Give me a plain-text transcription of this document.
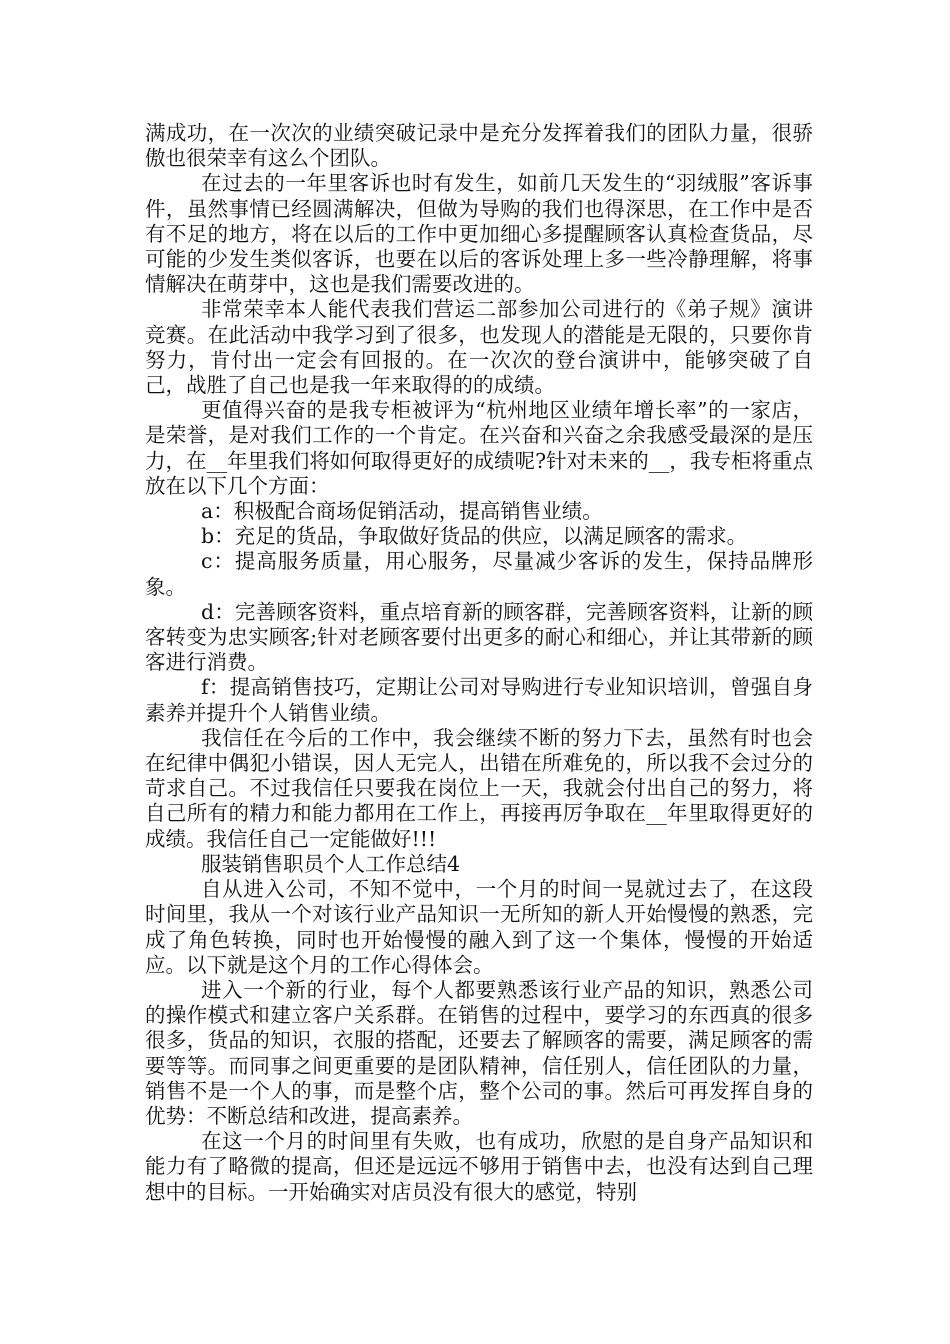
满成功，在一次次的业绩突破记录中是充分发挥着我们的团队力量，很骄傲也很荣幸有这么个团队。

在过去的一年里客诉也时有发生，如前几天发生的“羽绒服”客诉事件，虽然事情已经圆满解决，但做为导购的我们也得深思，在工作中是否有不足的地方，将在以后的工作中更加细心多提醒顾客认真检查货品，尽可能的少发生类似客诉，也要在以后的客诉处理上多一些冷静理解，将事情解决在萌芽中，这也是我们需要改进的。

非常荣幸本人能代表我们营运二部参加公司进行的《弟子规》演讲竞赛。在此活动中我学习到了很多，也发现人的潜能是无限的，只要你肯努力，肯付出一定会有回报的。在一次次的登台演讲中，能够突破了自己，战胜了自己也是我一年来取得的的成绩。

更值得兴奋的是我专柜被评为“杭州地区业绩年增长率”的一家店，是荣誉，是对我们工作的一个肯定。在兴奋和兴奋之余我感受最深的是压力，在__年里我们将如何取得更好的成绩呢?针对未来的__，我专柜将重点放在以下几个方面：

a：积极配合商场促销活动，提高销售业绩。

b：充足的货品，争取做好货品的供应，以满足顾客的需求。

c：提高服务质量，用心服务，尽量减少客诉的发生，保持品牌形象。

d：完善顾客资料，重点培育新的顾客群，完善顾客资料，让新的顾客转变为忠实顾客;针对老顾客要付出更多的耐心和细心，并让其带新的顾客进行消费。

f：提高销售技巧，定期让公司对导购进行专业知识培训，曾强自身素养并提升个人销售业绩。

我信任在今后的工作中，我会继续不断的努力下去，虽然有时也会在纪律中偶犯小错误，因人无完人，出错在所难免的，所以我不会过分的苛求自己。不过我信任只要我在岗位上一天，我就会付出自己的努力，将自己所有的精力和能力都用在工作上，再接再厉争取在__年里取得更好的成绩。我信任自己一定能做好!!!

服装销售职员个人工作总结4

自从进入公司，不知不觉中，一个月的时间一晃就过去了，在这段时间里，我从一个对该行业产品知识一无所知的新人开始慢慢的熟悉，完成了角色转换，同时也开始慢慢的融入到了这一个集体，慢慢的开始适应。以下就是这个月的工作心得体会。

进入一个新的行业，每个人都要熟悉该行业产品的知识，熟悉公司的操作模式和建立客户关系群。在销售的过程中，要学习的东西真的很多很多，货品的知识，衣服的搭配，还要去了解顾客的需要，满足顾客的需要等等。而同事之间更重要的是团队精神，信任别人，信任团队的力量，销售不是一个人的事，而是整个店，整个公司的事。然后可再发挥自身的优势：不断总结和改进，提高素养。

在这一个月的时间里有失败，也有成功，欣慰的是自身产品知识和能力有了略微的提高，但还是远远不够用于销售中去，也没有达到自己理想中的目标。一开始确实对店员没有很大的感觉，特别
